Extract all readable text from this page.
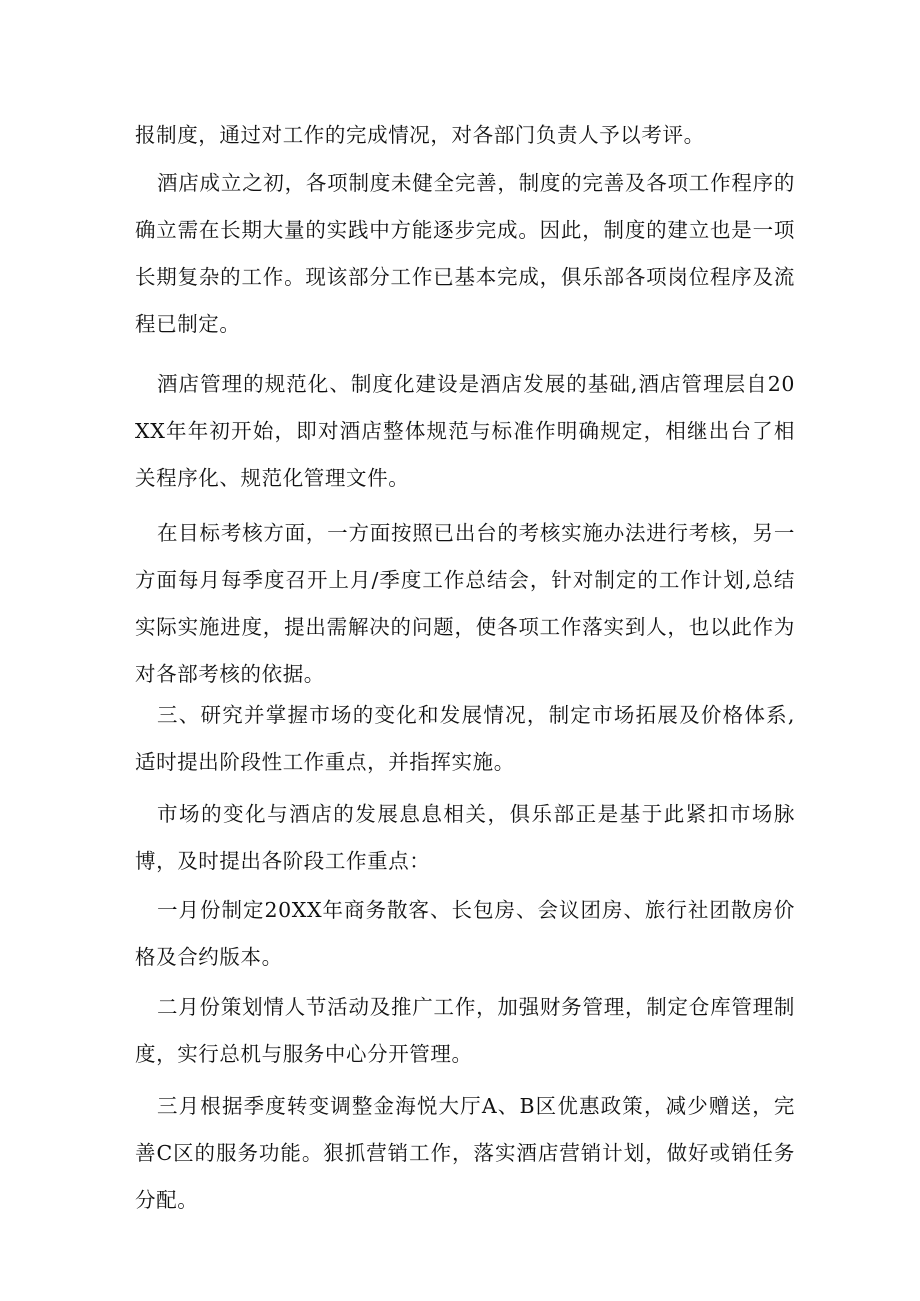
报制度，通过对工作的完成情况，对各部门负责人予以考评。

酒店成立之初，各项制度未健全完善，制度的完善及各项工作程序的确立需在长期大量的实践中方能逐步完成。因此，制度的建立也是一项长期复杂的工作。现该部分工作已基本完成，俱乐部各项岗位程序及流程已制定。

酒店管理的规范化、制度化建设是酒店发展的基础,酒店管理层自20XX年年初开始，即对酒店整体规范与标准作明确规定，相继出台了相关程序化、规范化管理文件。

在目标考核方面，一方面按照已出台的考核实施办法进行考核，另一方面每月每季度召开上月/季度工作总结会，针对制定的工作计划,总结实际实施进度，提出需解决的问题，使各项工作落实到人，也以此作为对各部考核的依据。

三、研究并掌握市场的变化和发展情况，制定市场拓展及价格体系,适时提出阶段性工作重点，并指挥实施。

市场的变化与酒店的发展息息相关，俱乐部正是基于此紧扣市场脉博，及时提出各阶段工作重点：

一月份制定20XX年商务散客、长包房、会议团房、旅行社团散房价格及合约版本。

二月份策划情人节活动及推广工作，加强财务管理，制定仓库管理制度，实行总机与服务中心分开管理。

三月根据季度转变调整金海悦大厅A、B区优惠政策，减少赠送，完善C区的服务功能。狠抓营销工作，落实酒店营销计划，做好或销任务分配。
